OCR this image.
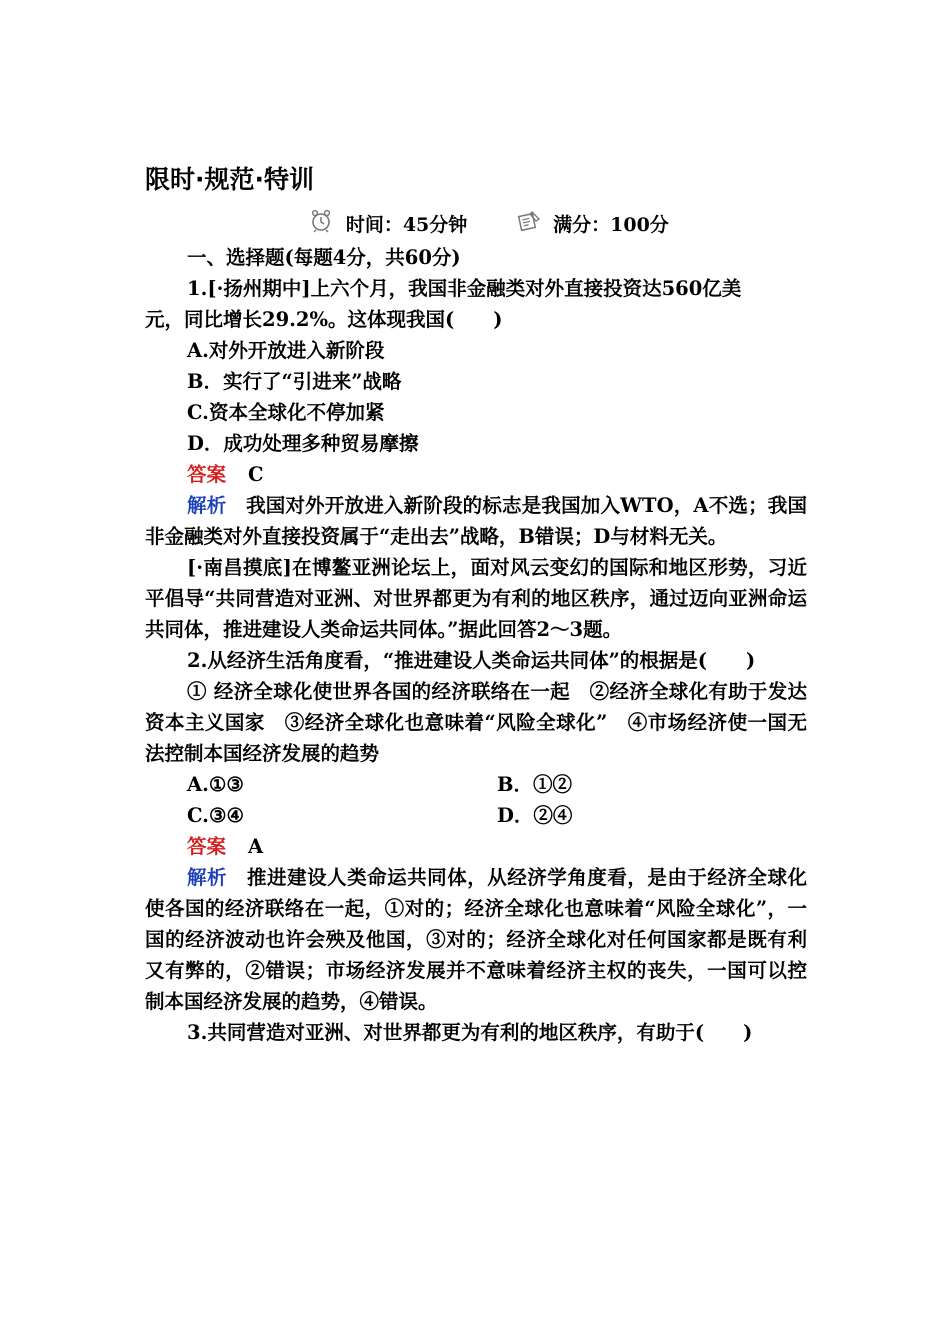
限时·规范·特训
时间：45分钟	满分：100分

一、选择题(每题4分，共60分)

1.[·扬州期中]上六个月，我国非金融类对外直接投资达560亿美

元，同比增长29.2%。这体现我国(　　)

A.对外开放进入新阶段

B．实行了“引进来”战略

C.资本全球化不停加紧

D．成功处理多种贸易摩擦

答案 C

解析　 我国对外开放进入新阶段的标志是我国加入WTO，A不选；我国非金融类对外直接投资属于“走出去”战略，B错误；D与材料无关。

[·南昌摸底]在博鳌亚洲论坛上，面对风云变幻的国际和地区形势，习近平倡导“共同营造对亚洲、对世界都更为有利的地区秩序，通过迈向亚洲命运共同体，推进建设人类命运共同体。”据此回答2～3题。

2.从经济生活角度看，“推进建设人类命运共同体”的根据是(　　)

① 经济全球化使世界各国的经济联络在一起　②经济全球化有助于发达资本主义国家　③经济全球化也意味着“风险全球化”　④市场经济使一国无法控制本国经济发展的趋势

A.①③	B．①②
C.③④	D．②④

答案 A

解析　 推进建设人类命运共同体，从经济学角度看，是由于经济全球化使各国的经济联络在一起，①对的；经济全球化也意味着“风险全球化”，一国的经济波动也许会殃及他国，③对的；经济全球化对任何国家都是既有利又有弊的，②错误；市场经济发展并不意味着经济主权的丧失，一国可以控制本国经济发展的趋势，④错误。

3.共同营造对亚洲、对世界都更为有利的地区秩序，有助于(　　)
